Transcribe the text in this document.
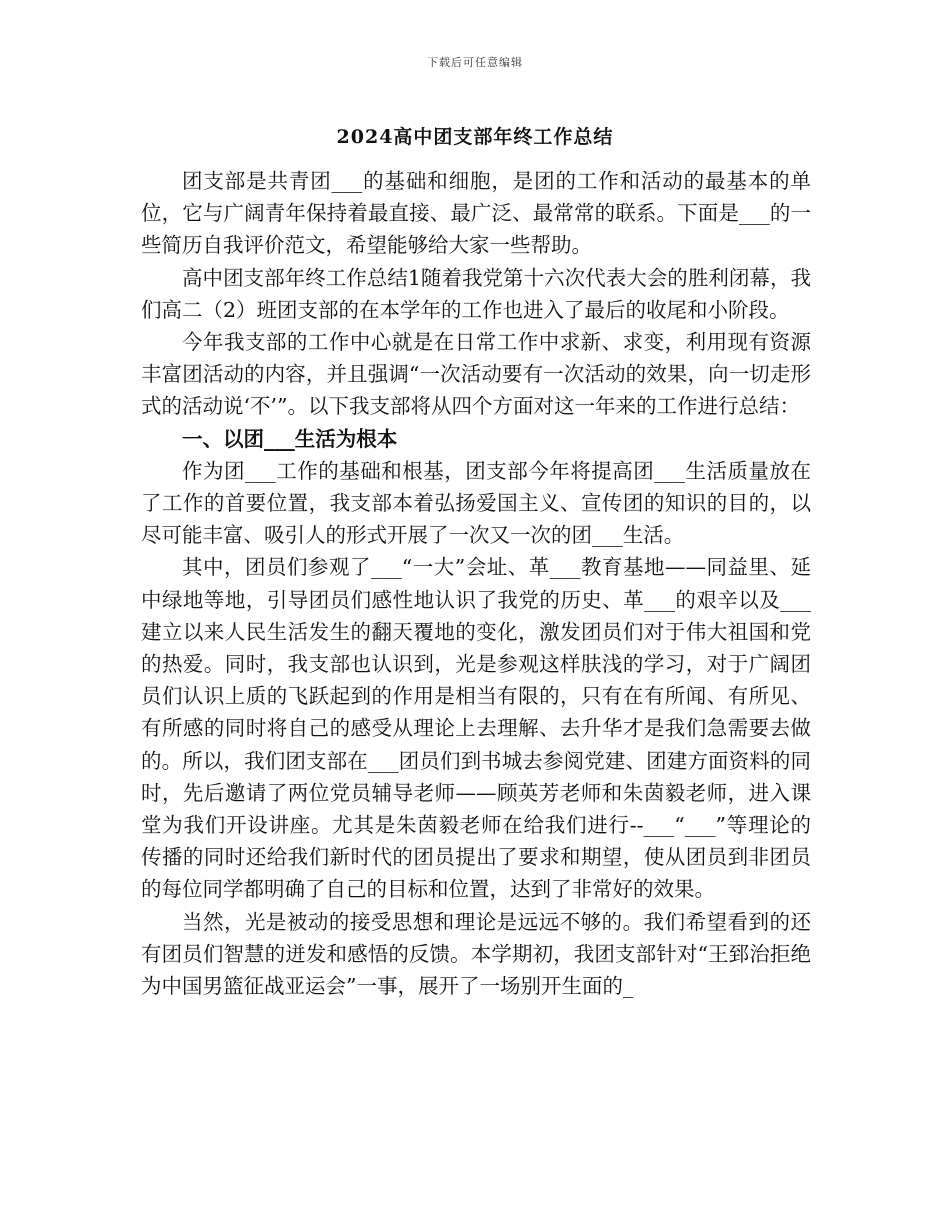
下载后可任意编辑
2024高中团支部年终工作总结

团支部是共青团___的基础和细胞，是团的工作和活动的最基本的单位，它与广阔青年保持着最直接、最广泛、最常常的联系。下面是___的一些简历自我评价范文，希望能够给大家一些帮助。

高中团支部年终工作总结1随着我党第十六次代表大会的胜利闭幕，我们高二（2）班团支部的在本学年的工作也进入了最后的收尾和小阶段。

今年我支部的工作中心就是在日常工作中求新、求变，利用现有资源丰富团活动的内容，并且强调“一次活动要有一次活动的效果，向一切走形式的活动说‘不’”。以下我支部将从四个方面对这一年来的工作进行总结：

一、以团___生活为根本

作为团___工作的基础和根基，团支部今年将提高团___生活质量放在了工作的首要位置，我支部本着弘扬爱国主义、宣传团的知识的目的，以尽可能丰富、吸引人的形式开展了一次又一次的团___生活。

其中，团员们参观了___“一大”会址、革___教育基地——同益里、延中绿地等地，引导团员们感性地认识了我党的历史、革___的艰辛以及___建立以来人民生活发生的翻天覆地的变化，激发团员们对于伟大祖国和党的热爱。同时，我支部也认识到，光是参观这样肤浅的学习，对于广阔团员们认识上质的飞跃起到的作用是相当有限的，只有在有所闻、有所见、有所感的同时将自己的感受从理论上去理解、去升华才是我们急需要去做的。所以，我们团支部在___团员们到书城去参阅党建、团建方面资料的同时，先后邀请了两位党员辅导老师——顾英芳老师和朱茵毅老师，进入课堂为我们开设讲座。尤其是朱茵毅老师在给我们进行--___“___”等理论的传播的同时还给我们新时代的团员提出了要求和期望，使从团员到非团员的每位同学都明确了自己的目标和位置，达到了非常好的效果。

当然，光是被动的接受思想和理论是远远不够的。我们希望看到的还有团员们智慧的迸发和感悟的反馈。本学期初，我团支部针对“王郅治拒绝为中国男篮征战亚运会”一事，展开了一场别开生面的_
